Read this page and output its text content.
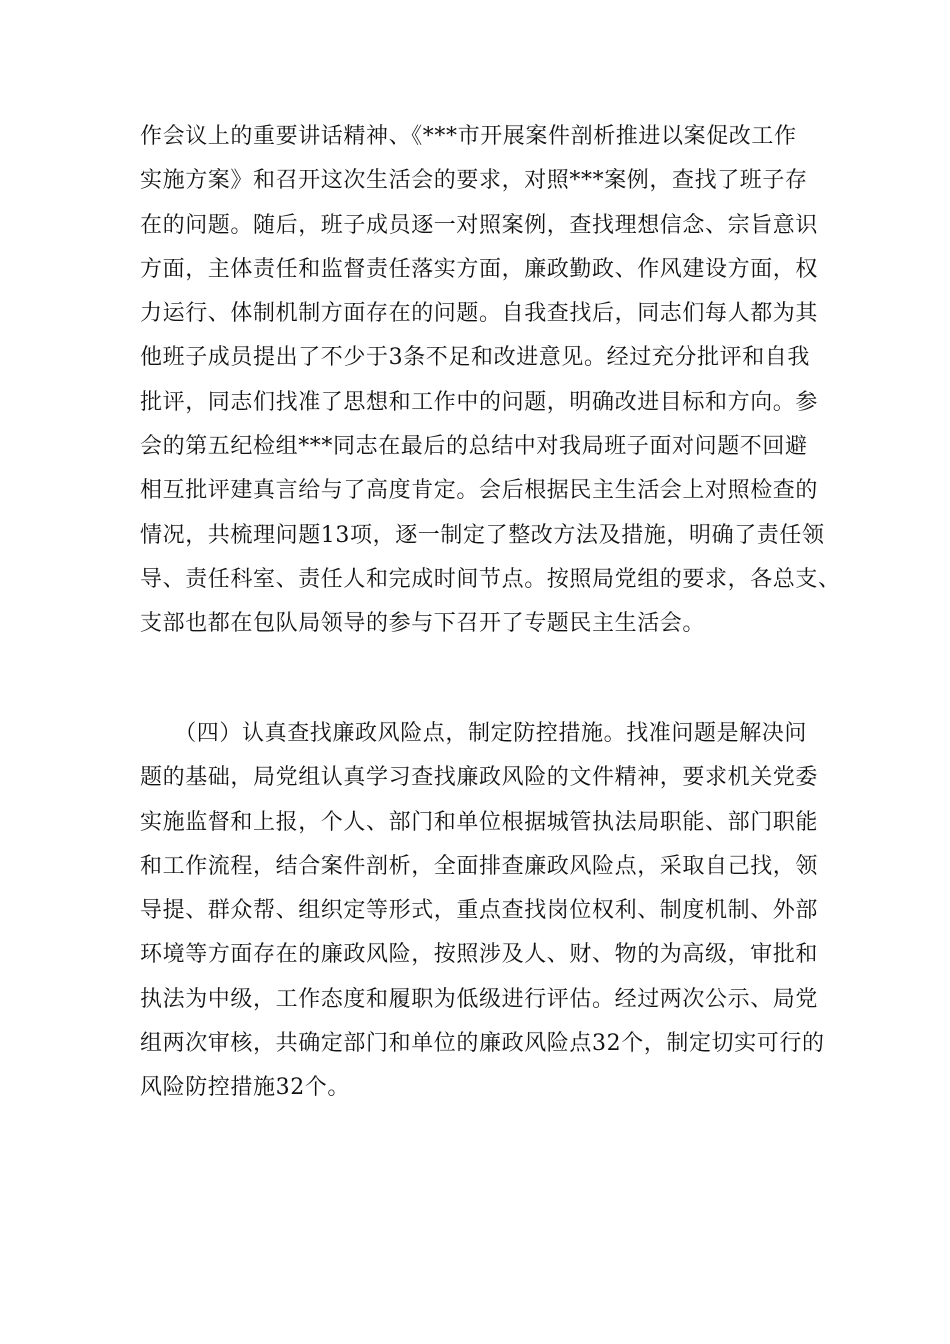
作会议上的重要讲话精神、《***市开展案件剖析推进以案促改工作
实施方案》和召开这次生活会的要求，对照***案例，查找了班子存
在的问题。随后，班子成员逐一对照案例，查找理想信念、宗旨意识
方面，主体责任和监督责任落实方面，廉政勤政、作风建设方面，权
力运行、体制机制方面存在的问题。自我查找后，同志们每人都为其
他班子成员提出了不少于3条不足和改进意见。经过充分批评和自我
批评，同志们找准了思想和工作中的问题，明确改进目标和方向。参
会的第五纪检组***同志在最后的总结中对我局班子面对问题不回避
相互批评建真言给与了高度肯定。会后根据民主生活会上对照检查的
情况，共梳理问题13项，逐一制定了整改方法及措施，明确了责任领
导、责任科室、责任人和完成时间节点。按照局党组的要求，各总支、
支部也都在包队局领导的参与下召开了专题民主生活会。
　　（四）认真查找廉政风险点，制定防控措施。找准问题是解决问
题的基础，局党组认真学习查找廉政风险的文件精神，要求机关党委
实施监督和上报，个人、部门和单位根据城管执法局职能、部门职能
和工作流程，结合案件剖析，全面排查廉政风险点，采取自己找，领
导提、群众帮、组织定等形式，重点查找岗位权利、制度机制、外部
环境等方面存在的廉政风险，按照涉及人、财、物的为高级，审批和
执法为中级，工作态度和履职为低级进行评估。经过两次公示、局党
组两次审核，共确定部门和单位的廉政风险点32个，制定切实可行的
风险防控措施32个。
